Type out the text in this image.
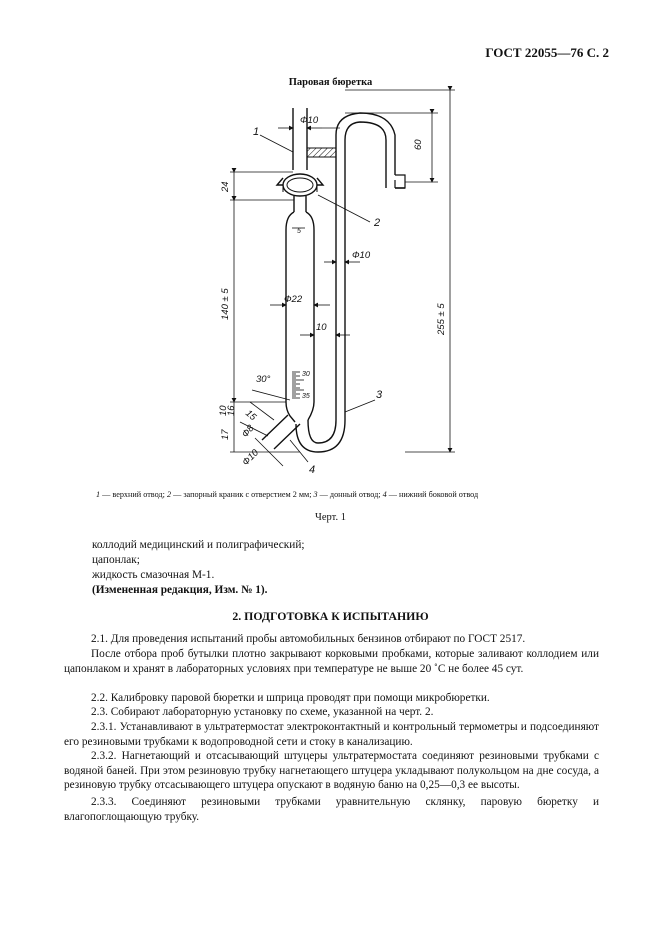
ГОСТ 22055—76 С. 2
Паровая бюретка
5
30
35
Ф10
60
24
Ф10
140 ± 5	Ф22
10	255 ± 5
30°
10
16
17
15
Ф8
Ф10
1
2
3
4
1 — верхний отвод; 2 — запорный краник с отверстием 2 мм; 3 — донный отвод; 4 — нижний боковой отвод
Черт. 1
коллодий медицинский и полиграфический;
цапонлак;
жидкость смазочная М-1.
(Измененная редакция, Изм. № 1).
2. ПОДГОТОВКА К ИСПЫТАНИЮ
2.1. Для проведения испытаний пробы автомобильных бензинов отбирают по ГОСТ 2517.
После отбора проб бутылки плотно закрывают корковыми пробками, которые заливают коллодием или цапонлаком и хранят в лабораторных условиях при температуре не выше 20 ˚С не более 45 сут.
2.2. Калибровку паровой бюретки и шприца проводят при помощи микробюретки.
2.3. Собирают лабораторную установку по схеме, указанной на черт. 2.
2.3.1. Устанавливают в ультратермостат электроконтактный и контрольный термометры и подсоединяют его резиновыми трубками к водопроводной сети и стоку в канализацию.
2.3.2. Нагнетающий и отсасывающий штуцеры ультратермостата соединяют резиновыми трубками с водяной баней. При этом резиновую трубку нагнетающего штуцера укладывают полукольцом на дне сосуда, а резиновую трубку отсасывающего штуцера опускают в водяную баню на 0,25—0,3 ее высоты.
2.3.3. Соединяют резиновыми трубками уравнительную склянку, паровую бюретку и влагопоглощающую трубку.
